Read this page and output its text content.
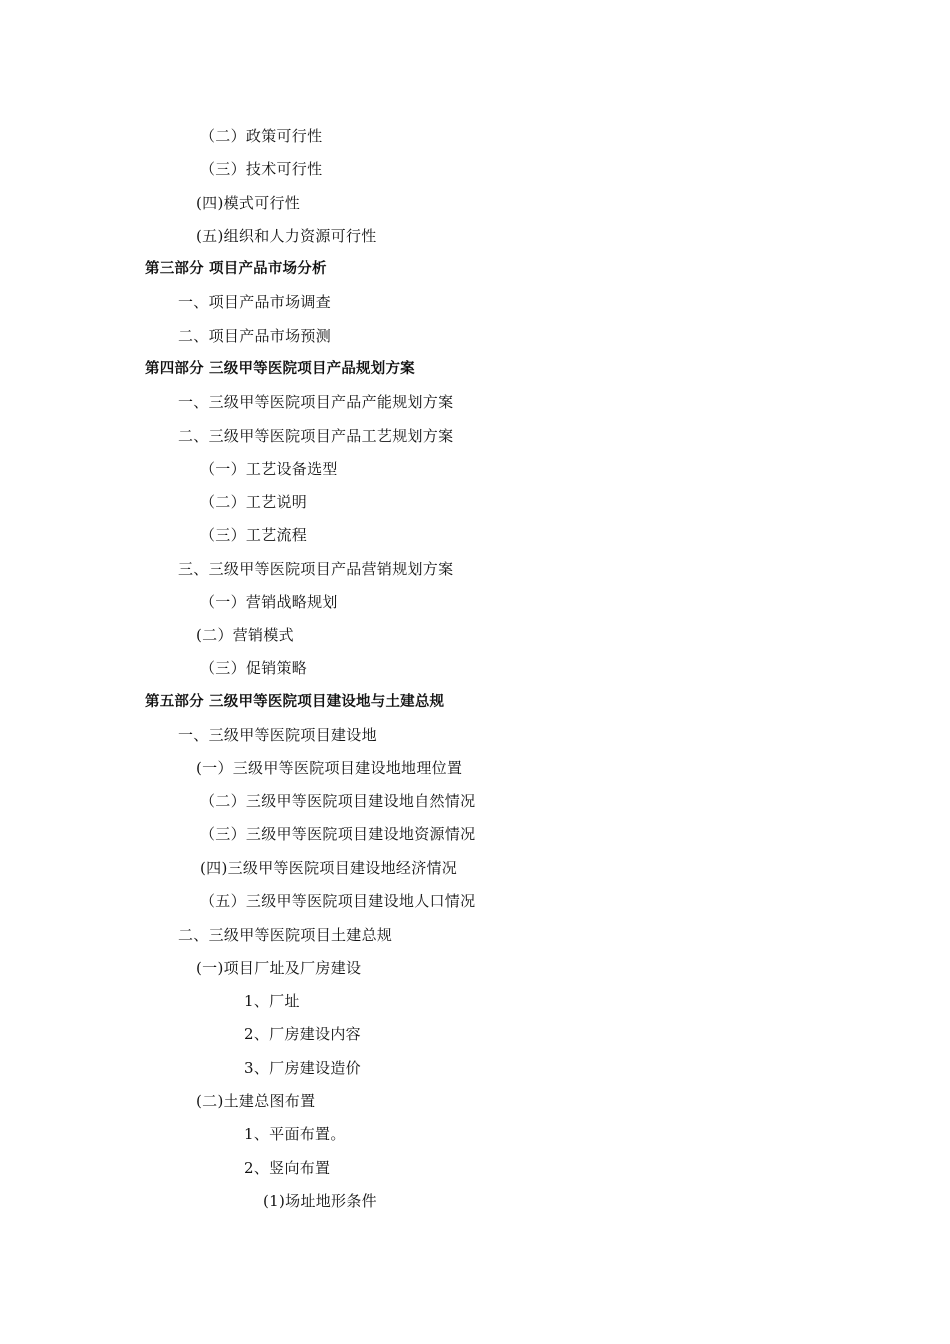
（二）政策可行性
（三）技术可行性
(四)模式可行性
(五)组织和人力资源可行性
第三部分 项目产品市场分析
一、项目产品市场调查
二、项目产品市场预测
第四部分 三级甲等医院项目产品规划方案
一、三级甲等医院项目产品产能规划方案
二、三级甲等医院项目产品工艺规划方案
（一）工艺设备选型
（二）工艺说明
（三）工艺流程
三、三级甲等医院项目产品营销规划方案
（一）营销战略规划
(二）营销模式
（三）促销策略
第五部分 三级甲等医院项目建设地与土建总规
一、三级甲等医院项目建设地
(一）三级甲等医院项目建设地地理位置
（二）三级甲等医院项目建设地自然情况
（三）三级甲等医院项目建设地资源情况
(四)三级甲等医院项目建设地经济情况
（五）三级甲等医院项目建设地人口情况
二、三级甲等医院项目土建总规
(一)项目厂址及厂房建设
1、厂址
2、厂房建设内容
3、厂房建设造价
(二)土建总图布置
1、平面布置。
2、竖向布置
(1)场址地形条件
